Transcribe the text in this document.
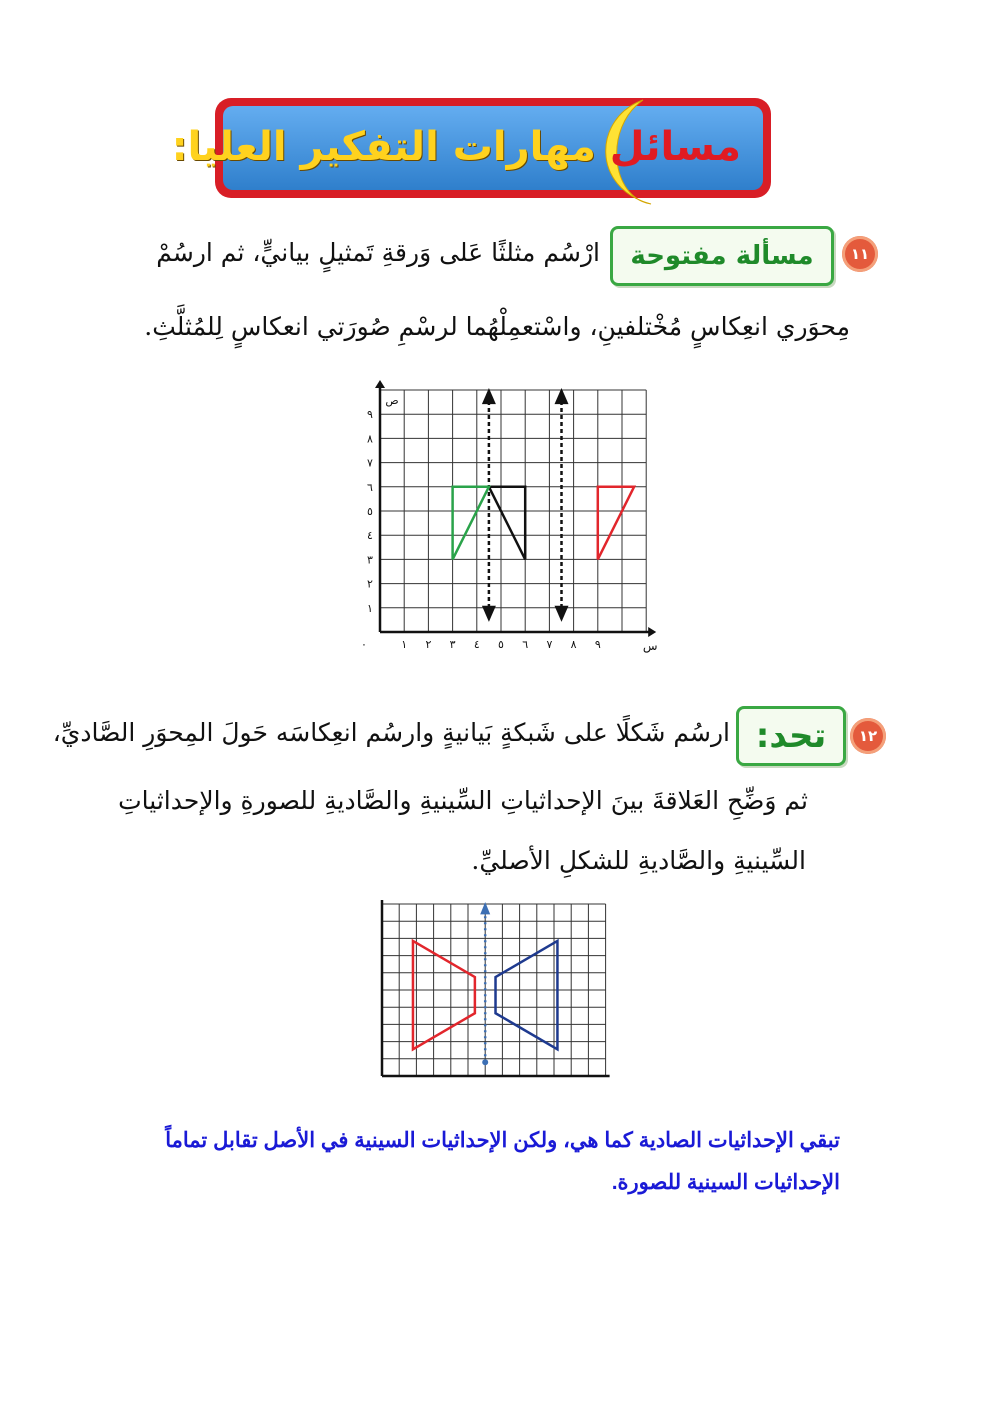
مسائل مهارات التفكير العليا:
١١
مسألة مفتوحة
ارْسُم مثلثًا عَلى وَرقةِ تَمثيلٍ بيانيٍّ، ثم ارسُمْ
مِحوَري انعِكاسٍ مُخْتلفينِ، واسْتعمِلْهُما لرسْمِ صُورَتي انعكاسٍ لِلمُثلَّثِ.
١ ٢ ٣ ٤ ٥ ٦ ٧ ٨ ٩
١
٢
٣
٤
٥
٦
٧
٨
٩
٠	س
ص
١٢
تحد:
ارسُم شَكلًا على شَبكةٍ بَيانيةٍ وارسُم انعِكاسَه حَولَ المِحوَرِ الصَّاديِّ،
ثم وَضِّحِ العَلاقةَ بينَ الإحداثياتِ السِّينيةِ والصَّاديةِ للصورةِ والإحداثياتِ
السِّينيةِ والصَّاديةِ للشكلِ الأصليِّ.
تبقي الإحداثيات الصادية كما هي، ولكن الإحداثيات السينية في الأصل تقابل تماماً
الإحداثيات السينية للصورة.
